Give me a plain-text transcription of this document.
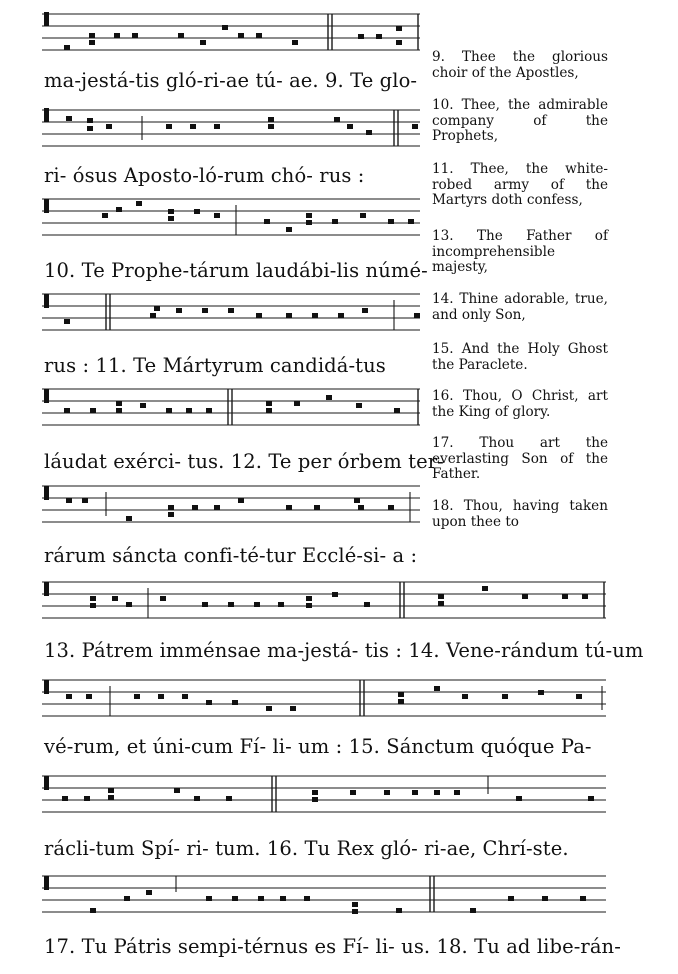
ma-jestá-tis gló-ri-ae tú- ae. 9. Te glo-
ri- ósus Aposto-ló-rum chó- rus :
10. Te Prophe-tárum laudábi-lis númé-
rus : 11. Te Mártyrum candidá-tus
láudat exérci- tus. 12. Te per órbem ter-
rárum sáncta confi-té-tur Ecclé-si- a :
13. Pátrem imménsae ma-jestá- tis : 14. Vene-rándum tú-um
vé-rum, et úni-cum Fí- li- um : 15. Sánctum quóque Pa-
rácli-tum Spí- ri- tum. 16. Tu Rex gló- ri-ae, Chrí-ste.
17. Tu Pátris sempi-térnus es Fí- li- us. 18. Tu ad libe-rán-
9. Thee the glorious choir of the Apostles,
10. Thee, the admirable company of the Prophets,
11. Thee, the white-robed army of the Martyrs doth confess,
13. The Father of incomprehensible majesty,
14. Thine adorable, true, and only Son,
15. And the Holy Ghost the Paraclete.
16. Thou, O Christ, art the King of glory.
17. Thou art the everlasting Son of the Father.
18. Thou, having taken upon thee to
